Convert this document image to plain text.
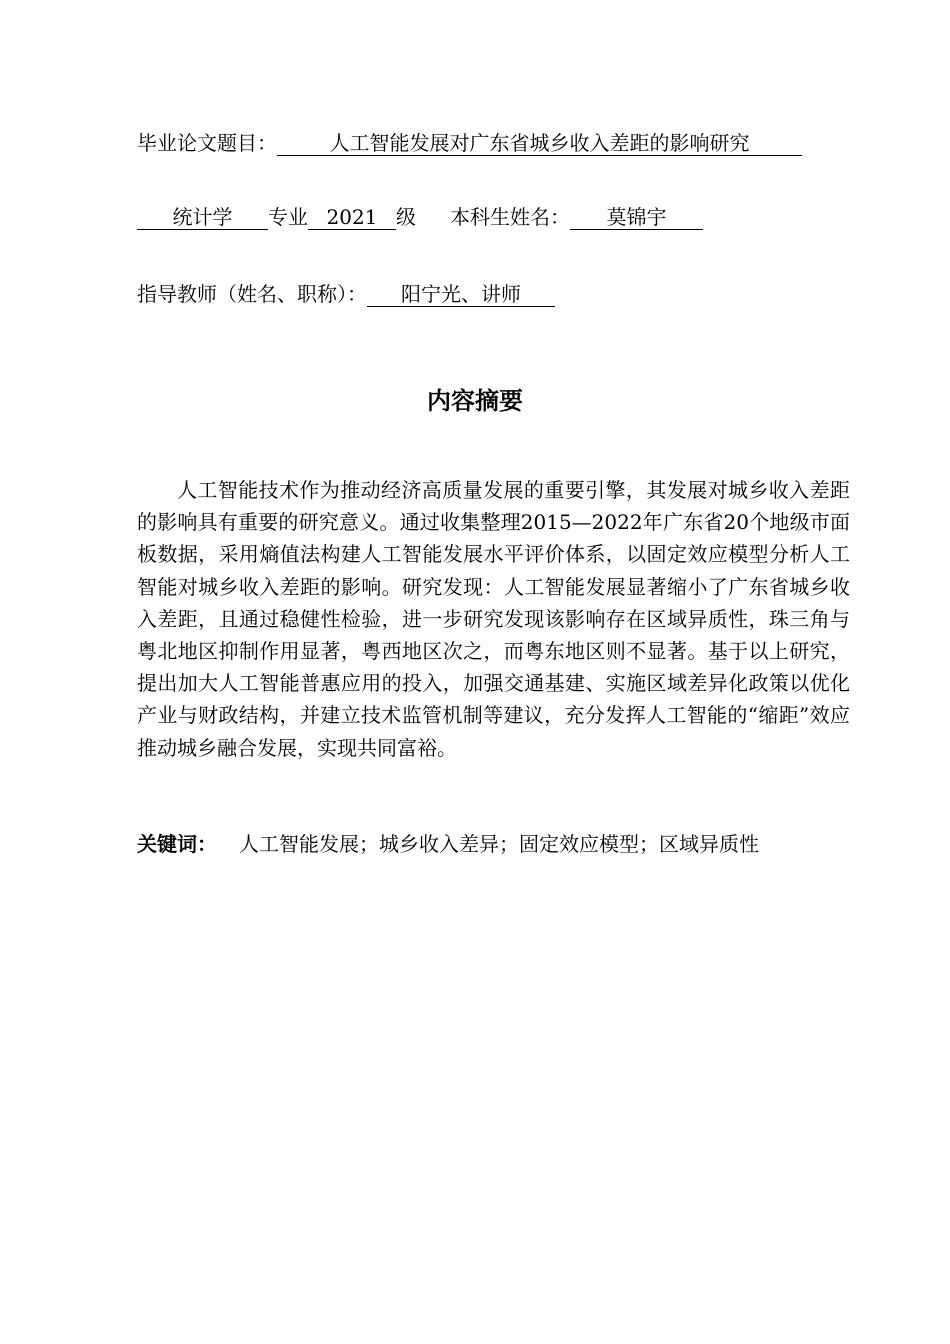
毕业论文题目：	人工智能发展对广东省城乡收入差距的影响研究
统计学 专业 2021 级 本科生姓名： 莫锦宇
指导教师（姓名、职称）： 阳宁光、讲师
内容摘要
人工智能技术作为推动经济高质量发展的重要引擎，其发展对城乡收入差距的影响具有重要的研究意义。通过收集整理2015—2022年广东省20个地级市面板数据，采用熵值法构建人工智能发展水平评价体系，以固定效应模型分析人工智能对城乡收入差距的影响。研究发现：人工智能发展显著缩小了广东省城乡收入差距，且通过稳健性检验，进一步研究发现该影响存在区域异质性，珠三角与粤北地区抑制作用显著，粤西地区次之，而粤东地区则不显著。基于以上研究，提出加大人工智能普惠应用的投入，加强交通基建、实施区域差异化政策以优化产业与财政结构，并建立技术监管机制等建议，充分发挥人工智能的“缩距”效应推动城乡融合发展，实现共同富裕。
关键词： 人工智能发展；城乡收入差异；固定效应模型；区域异质性
